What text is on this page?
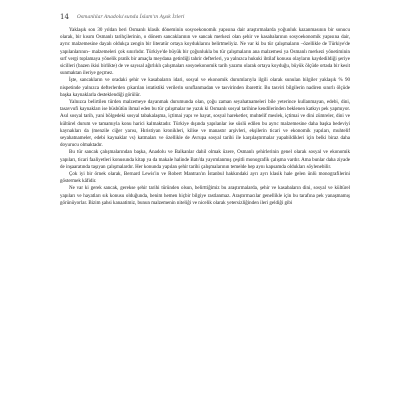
14 Osmanlılar Anadolu'sunda İslam'ın Ayak İzleri

Yaklaşık son 30 yıldan beri Osmanlı klasik döneminin sosyoekonomik yapısına dair araştırmalarda yoğunluk kazanmasının bir sonucu olarak, bir kısım Osmanlı tarihçilerinin, o dönem sancaklarının ve sancak merkezi olan şehir ve kasabalarının sosyoekonomik yapısına dair, ayrıc malzemesine dayalı oldukça zengin bir literatür ortaya koyduklarını belirtmeliyiz. Ne var ki bu tür çalışmaların –özellikle de Türkiye'de yapılanlarının– malzemeleri çok sınırlıdır. Türkiye'de büyük bir çoğunlukla bu tür çalışmaların ana malzemesi ya Osmanlı merkezi yönetiminin sırf vergi toplamaya yönelik pratik bir amaçla meydana getirdiği tahrir defterleri, ya yalnızca hukuki ihtilaf konusu olayların kaydedildiği şeriye sicilleri (bazen ikisi birlikte) de ve sayısal ağırlıklı çalışmaları sosyoekonomik tarih yazımı olarak ortaya koyduğu, büyük ölçüde ortada bir kesit sunmaktan ileriye geçmez.

İşte, sancakların ve oradaki şehir ve kasabaların idari, sosyal ve ekonomik durumlarıyla ilgili olarak sunulan bilgiler yaklaşık % 90 nispetinde yalnızca defterlerden çıkarılan istatistiki verilerin sınıflanmadan ve tasvirinden ibarettir. Bu tasviri bilgilerin nadiren sınırlı ölçüde başka kaynaklarla desteklendiği görülür.

Yalnızca belirtilen türden malzemeye dayanmak durumunda olan, çoğu zaman seyahatnameleri bile yeterince kullanmayan, edebi, dini, tasavvufi kaynakları ise büsbütün ihmal eden bu tür çalışmalar ne yazık ki Osmanlı sosyal tarihine kendilerinden beklenen katkıyı pek yapmıyor. Asıl sosyal tarih, yani bölgedeki sosyal tabakalaşma, içtimai yapı ve hayat, sosyal hareketler, muhtelif meslek, içtimai ve dini zümreler, dini ve kültürel durum ve tamamıyla konu harici kalmaktadır. Türkiye dışında yapılanlar ise süslü edilen bu ayrıc malzemesine daha başka bedeviyi kaynakları da (menzile ciğer yarısı, Hıristiyan kronikleri, kilise ve manastır arşivleri, ekşilerin ticari ve ekonomik yapıları, muhtelif seyahatnameler, edebi kaynaklar vs) katmaları ve özellikle de Avrupa sosyal tarihi ile karşılaştırmalar yapabildikleri için belki biraz daha doyurucu olmaktadır.

Bu tür sancak çalışmalarından başka, Anadolu ve Balkanlar dahil olmak üzere, Osmanlı şehirlerinin genel olarak sosyal ve ekonomik yapıları, ticari faaliyetleri konusunda kitap ya da makale halinde Batı'da yayımlanmış çeşitli monografik çalışma vardır. Ama bunlar daha ziyade de inşaaratında taşıyan çalışmalardır. Her konunda yapılan şehir tarihi çalışmalarının temelde hep aynı kapsamda oldukları söylenebilir.

Çok iyi bir örnek olarak, Bernard Lewis'in ve Robert Mantran'ın İstanbul hakkındaki ayrı ayrı klasik hale gelen ünlü monografilerini göstermek kâfidir.

Ne var ki gerek sancak, gerekse şehir tarihi türünden olsun, belirttiğimiz bu araştırmalarda, şehir ve kasabaların dini, sosyal ve kültürel yapıları ve hayatları sık konusu olduğunda, benim hemen hiçbir bilgiye rastlanmaz. Araştırmacılar genellikle için bu tarafına pek yanaşmamış görünüyorlar. Bizim şahsi kanaatimiz, bunun malzemenin niteliği ve nicelik olarak yetersizliğinden ileri geldiği gibi
